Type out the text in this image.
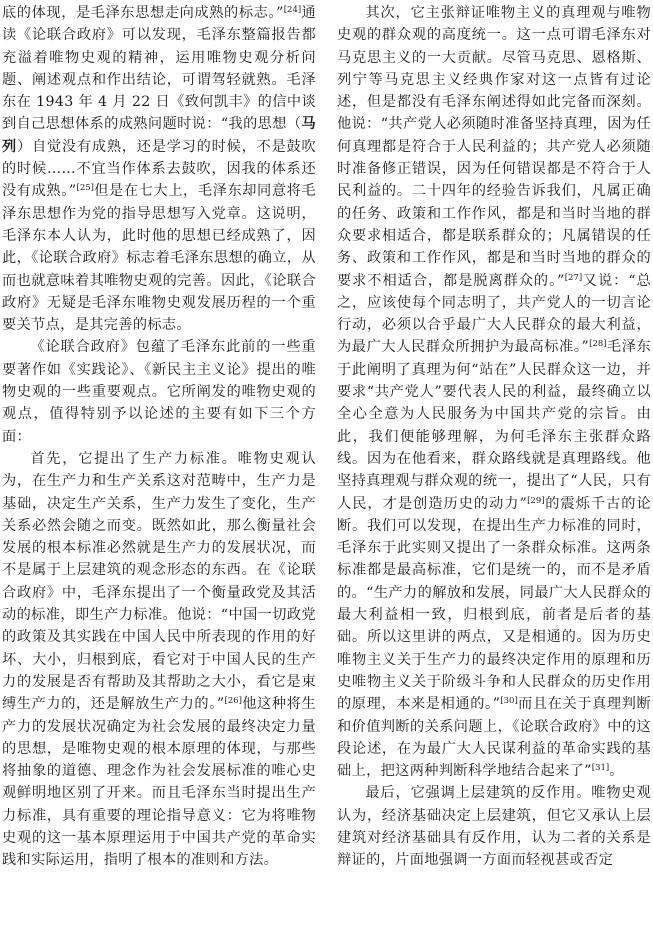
底的体现，是毛泽东思想走向成熟的标志。”[24]通读《论联合政府》可以发现，毛泽东整篇报告都充溢着唯物史观的精神，运用唯物史观分析问题、阐述观点和作出结论，可谓驾轻就熟。毛泽东在 1943 年 4 月 22 日《致何凯丰》的信中谈到自己思想体系的成熟问题时说：“我的思想（马列）自觉没有成熟，还是学习的时候，不是鼓吹的时候……不宜当作体系去鼓吹，因我的体系还没有成熟。”[25]但是在七大上，毛泽东却同意将毛泽东思想作为党的指导思想写入党章。这说明，毛泽东本人认为，此时他的思想已经成熟了，因此，《论联合政府》标志着毛泽东思想的确立，从而也就意味着其唯物史观的完善。因此，《论联合政府》无疑是毛泽东唯物史观发展历程的一个重要关节点，是其完善的标志。

《论联合政府》包蕴了毛泽东此前的一些重要著作如《实践论》、《新民主主义论》提出的唯物史观的一些重要观点。它所阐发的唯物史观的观点，值得特别予以论述的主要有如下三个方面：

首先，它提出了生产力标准。唯物史观认为，在生产力和生产关系这对范畴中，生产力是基础，决定生产关系，生产力发生了变化，生产关系必然会随之而变。既然如此，那么衡量社会发展的根本标准必然就是生产力的发展状况，而不是属于上层建筑的观念形态的东西。在《论联合政府》中，毛泽东提出了一个衡量政党及其活动的标准，即生产力标准。他说：“中国一切政党的政策及其实践在中国人民中所表现的作用的好坏、大小，归根到底，看它对于中国人民的生产力的发展是否有帮助及其帮助之大小，看它是束缚生产力的，还是解放生产力的。”[26]他这种将生产力的发展状况确定为社会发展的最终决定力量的思想，是唯物史观的根本原理的体现，与那些将抽象的道德、理念作为社会发展标准的唯心史观鲜明地区别了开来。而且毛泽东当时提出生产力标准，具有重要的理论指导意义：它为将唯物史观的这一基本原理运用于中国共产党的革命实践和实际运用，指明了根本的准则和方法。

其次，它主张辩证唯物主义的真理观与唯物史观的群众观的高度统一。这一点可谓毛泽东对马克思主义的一大贡献。尽管马克思、恩格斯、列宁等马克思主义经典作家对这一点皆有过论述，但是都没有毛泽东阐述得如此完备而深刻。他说：“共产党人必须随时准备坚持真理，因为任何真理都是符合于人民利益的；共产党人必须随时准备修正错误，因为任何错误都是不符合于人民利益的。二十四年的经验告诉我们，凡属正确的任务、政策和工作作风，都是和当时当地的群众要求相适合，都是联系群众的；凡属错误的任务、政策和工作作风，都是和当时当地的群众的要求不相适合，都是脱离群众的。”[27]又说：“总之，应该使每个同志明了，共产党人的一切言论行动，必须以合乎最广大人民群众的最大利益，为最广大人民群众所拥护为最高标准。”[28]毛泽东于此阐明了真理为何“站在”人民群众这一边，并要求“共产党人”要代表人民的利益，最终确立以全心全意为人民服务为中国共产党的宗旨。由此，我们便能够理解，为何毛泽东主张群众路线。因为在他看来，群众路线就是真理路线。他坚持真理观与群众观的统一，提出了“人民，只有人民，才是创造历史的动力”[29]的震烁千古的论断。我们可以发现，在提出生产力标准的同时，毛泽东于此实则又提出了一条群众标准。这两条标准都是最高标准，它们是统一的，而不是矛盾的。“生产力的解放和发展，同最广大人民群众的最大利益相一致，归根到底，前者是后者的基础。所以这里讲的两点，又是相通的。因为历史唯物主义关于生产力的最终决定作用的原理和历史唯物主义关于阶级斗争和人民群众的历史作用的原理，本来是相通的。”[30]而且在关于真理判断和价值判断的关系问题上，《论联合政府》中的这段论述，在为最广大人民谋利益的革命实践的基础上，把这两种判断科学地结合起来了”[31]。

最后，它强调上层建筑的反作用。唯物史观认为，经济基础决定上层建筑，但它又承认上层建筑对经济基础具有反作用，认为二者的关系是辩证的，片面地强调一方面而轻视甚或否定
